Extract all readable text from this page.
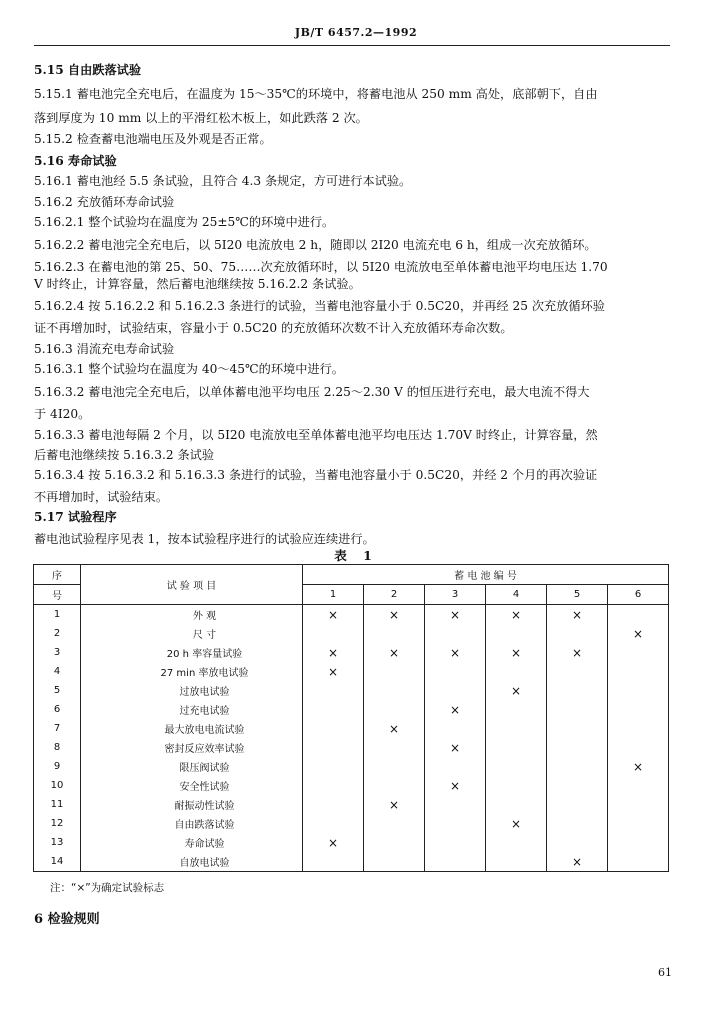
JB/T 6457.2—1992
5.15 自由跌落试验
5.15.1 蓄电池完全充电后，在温度为 15～35℃的环境中，将蓄电池从 250 mm 高处，底部朝下，自由
落到厚度为 10 mm 以上的平滑红松木板上，如此跌落 2 次。
5.15.2 检查蓄电池端电压及外观是否正常。
5.16 寿命试验
5.16.1 蓄电池经 5.5 条试验，且符合 4.3 条规定，方可进行本试验。
5.16.2 充放循环寿命试验
5.16.2.1 整个试验均在温度为 25±5℃的环境中进行。
5.16.2.2 蓄电池完全充电后，以 5I20 电流放电 2 h，随即以 2I20 电流充电 6 h，组成一次充放循环。
5.16.2.3 在蓄电池的第 25、50、75……次充放循环时，以 5I20 电流放电至单体蓄电池平均电压达 1.70
V 时终止，计算容量，然后蓄电池继续按 5.16.2.2 条试验。
5.16.2.4 按 5.16.2.2 和 5.16.2.3 条进行的试验，当蓄电池容量小于 0.5C20，并再经 25 次充放循环验
证不再增加时，试验结束，容量小于 0.5C20 的充放循环次数不计入充放循环寿命次数。
5.16.3 涓流充电寿命试验
5.16.3.1 整个试验均在温度为 40～45℃的环境中进行。
5.16.3.2 蓄电池完全充电后，以单体蓄电池平均电压 2.25～2.30 V 的恒压进行充电，最大电流不得大
于 4I20。
5.16.3.3 蓄电池每隔 2 个月，以 5I20 电流放电至单体蓄电池平均电压达 1.70V 时终止，计算容量，然
后蓄电池继续按 5.16.3.2 条试验
5.16.3.4 按 5.16.3.2 和 5.16.3.3 条进行的试验，当蓄电池容量小于 0.5C20，并经 2 个月的再次验证
不再增加时，试验结束。
5.17 试验程序
蓄电池试验程序见表 1，按本试验程序进行的试验应连续进行。
表 1
序	试 验 项 目	蓄 电 池 编 号					
号		1	2	3	4	5	6
1	外 观	×	×	×	×	×	
2	尺 寸						×
3	20 h 率容量试验	×	×	×	×	×	
4	27 min 率放电试验	×					
5	过放电试验				×		
6	过充电试验			×			
7	最大放电电流试验		×				
8	密封反应效率试验			×			
9	限压阀试验						×
10	安全性试验			×			
11	耐振动性试验		×				
12	自由跌落试验				×		
13	寿命试验	×					
14	自放电试验					×	
注：“×”为确定试验标志
6 检验规则
61
